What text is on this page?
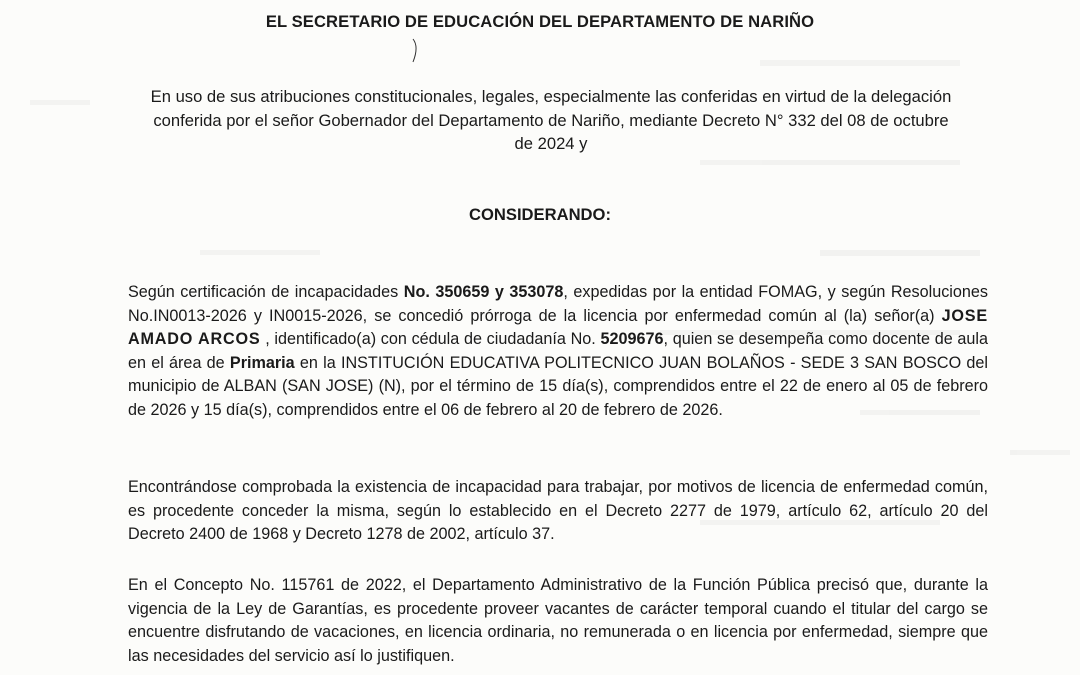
EL SECRETARIO DE EDUCACIÓN DEL DEPARTAMENTO DE NARIÑO
En uso de sus atribuciones constitucionales, legales, especialmente las conferidas en virtud de la delegación
conferida por el señor Gobernador del Departamento de Nariño, mediante Decreto N° 332 del 08 de octubre
de 2024 y
CONSIDERANDO:
Según certificación de incapacidades No. 350659 y 353078, expedidas por la entidad FOMAG, y según Resoluciones No.IN0013-2026 y IN0015-2026, se concedió prórroga de la licencia por enfermedad común al (la) señor(a) JOSE AMADO ARCOS , identificado(a) con cédula de ciudadanía No. 5209676, quien se desempeña como docente de aula en el área de Primaria en la INSTITUCIÓN EDUCATIVA POLITECNICO JUAN BOLAÑOS - SEDE 3 SAN BOSCO del municipio de ALBAN (SAN JOSE) (N), por el término de 15 día(s), comprendidos entre el 22 de enero al 05 de febrero de 2026 y 15 día(s), comprendidos entre el 06 de febrero al 20 de febrero de 2026.
Encontrándose comprobada la existencia de incapacidad para trabajar, por motivos de licencia de enfermedad común, es procedente conceder la misma, según lo establecido en el Decreto 2277 de 1979, artículo 62, artículo 20 del Decreto 2400 de 1968 y Decreto 1278 de 2002, artículo 37.
En el Concepto No. 115761 de 2022, el Departamento Administrativo de la Función Pública precisó que, durante la vigencia de la Ley de Garantías, es procedente proveer vacantes de carácter temporal cuando el titular del cargo se encuentre disfrutando de vacaciones, en licencia ordinaria, no remunerada o en licencia por enfermedad, siempre que las necesidades del servicio así lo justifiquen.
